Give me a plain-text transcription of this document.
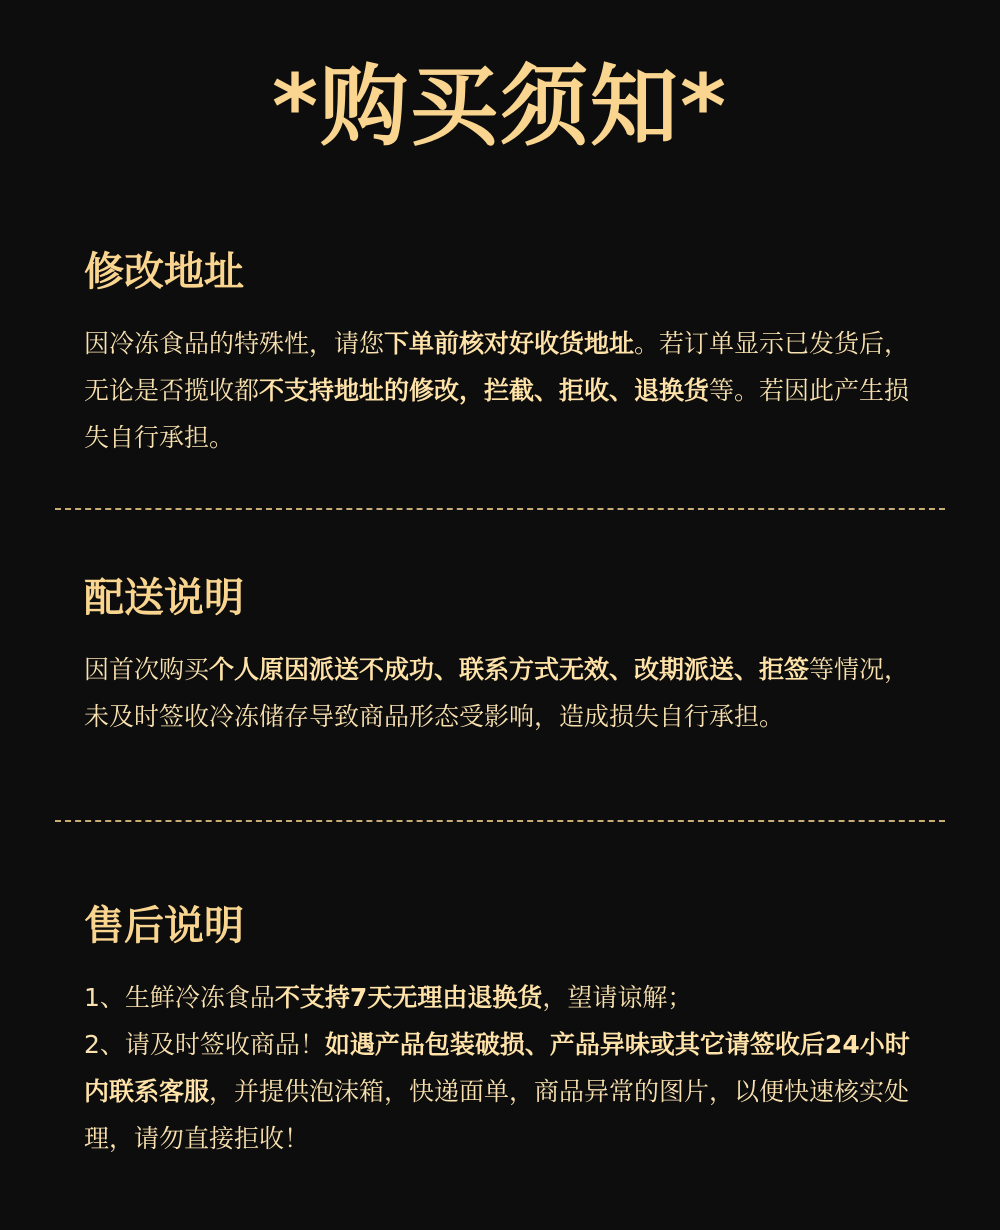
*购买须知*
修改地址

因冷冻食品的特殊性，请您下单前核对好收货地址。若订单显示已发货后，无论是否揽收都不支持地址的修改，拦截、拒收、退换货等。若因此产生损失自行承担。

配送说明

因首次购买个人原因派送不成功、联系方式无效、改期派送、拒签等情况，未及时签收冷冻储存导致商品形态受影响，造成损失自行承担。

售后说明

1、生鲜冷冻食品不支持7天无理由退换货，望请谅解；

2、请及时签收商品！如遇产品包装破损、产品异味或其它请签收后24小时内联系客服，并提供泡沫箱，快递面单，商品异常的图片，以便快速核实处理，请勿直接拒收！
